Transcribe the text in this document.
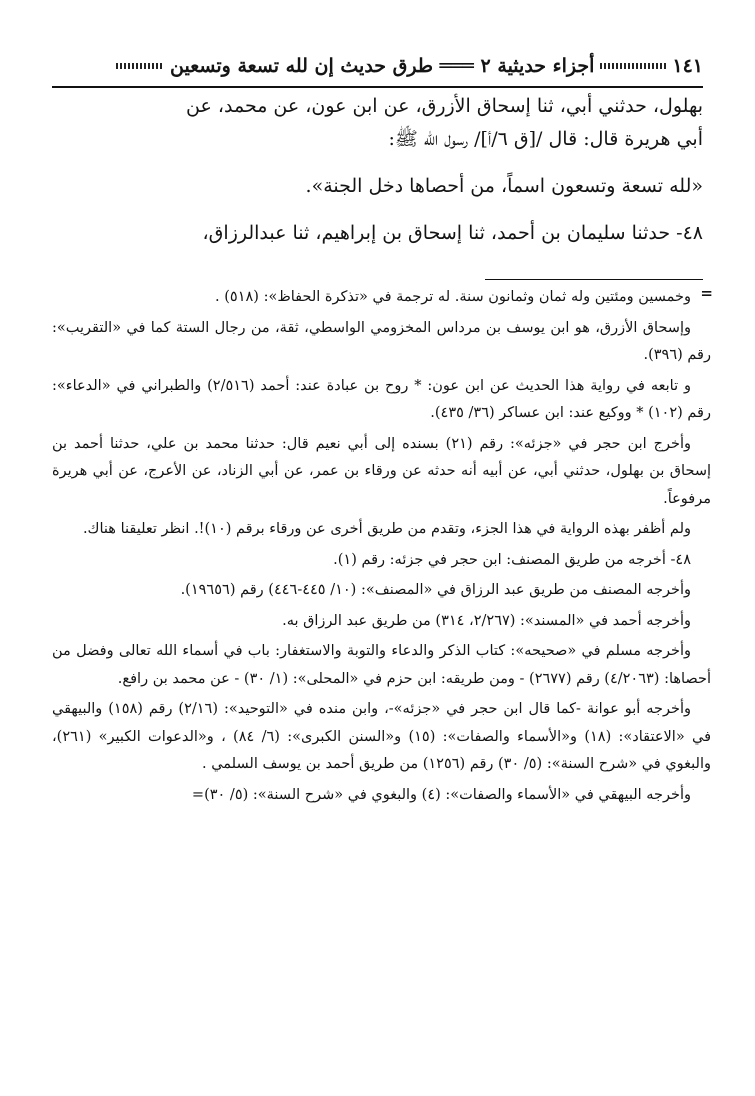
١٤١
أجزاء حديثية ٢ ═══ طرق حديث إن لله تسعة وتسعين

بهلول، حدثني أبي، ثنا إسحاق الأزرق، عن ابن عون، عن محمد، عن

أبي هريرة قال: قال /[ق ٦/أ]/ رسول الله ﷺ:

«لله تسعة وتسعون اسماً، من أحصاها دخل الجنة».

٤٨- حدثنا سليمان بن أحمد، ثنا إسحاق بن إبراهيم، ثنا عبدالرزاق،

=

وخمسين ومئتين وله ثمان وثمانون سنة. له ترجمة في «تذكرة الحفاظ»: (٥١٨) .

وإسحاق الأزرق، هو ابن يوسف بن مرداس المخزومي الواسطي، ثقة، من رجال الستة كما في «التقريب»: رقم (٣٩٦).

و تابعه في رواية هذا الحديث عن ابن عون: * روح بن عبادة عند: أحمد (٢/٥١٦) والطبراني في «الدعاء»: رقم (١٠٢) * ووكيع عند: ابن عساكر (٣٦/ ٤٣٥).

وأخرج ابن حجر في «جزئه»: رقم (٢١) بسنده إلى أبي نعيم قال: حدثنا محمد بن علي، حدثنا أحمد بن إسحاق بن بهلول، حدثني أبي، عن أبيه أنه حدثه عن ورقاء بن عمر، عن أبي الزناد، عن الأعرج، عن أبي هريرة مرفوعاً.

ولم أظفر بهذه الرواية في هذا الجزء، وتقدم من طريق أخرى عن ورقاء برقم (١٠)!. انظر تعليقنا هناك.

٤٨- أخرجه من طريق المصنف: ابن حجر في جزئه: رقم (١).

وأخرجه المصنف من طريق عبد الرزاق في «المصنف»: (١٠/ ٤٤٥-٤٤٦) رقم (١٩٦٥٦).

وأخرجه أحمد في «المسند»: (٢/٢٦٧، ٣١٤) من طريق عبد الرزاق به.

وأخرجه مسلم في «صحيحه»: كتاب الذكر والدعاء والتوبة والاستغفار: باب في أسماء الله تعالى وفضل من أحصاها: (٤/٢٠٦٣) رقم (٢٦٧٧) - ومن طريقه: ابن حزم في «المحلى»: (١/ ٣٠) - عن محمد بن رافع.

وأخرجه أبو عوانة -كما قال ابن حجر في «جزئه»-، وابن منده في «التوحيد»: (٢/١٦) رقم (١٥٨) والبيهقي في «الاعتقاد»: (١٨) و«الأسماء والصفات»: (١٥) و«السنن الكبرى»: (٦/ ٨٤) ، و«الدعوات الكبير» (٢٦١)، والبغوي في «شرح السنة»: (٥/ ٣٠) رقم (١٢٥٦) من طريق أحمد بن يوسف السلمي .

وأخرجه البيهقي في «الأسماء والصفات»: (٤) والبغوي في «شرح السنة»: (٥/ ٣٠)=
